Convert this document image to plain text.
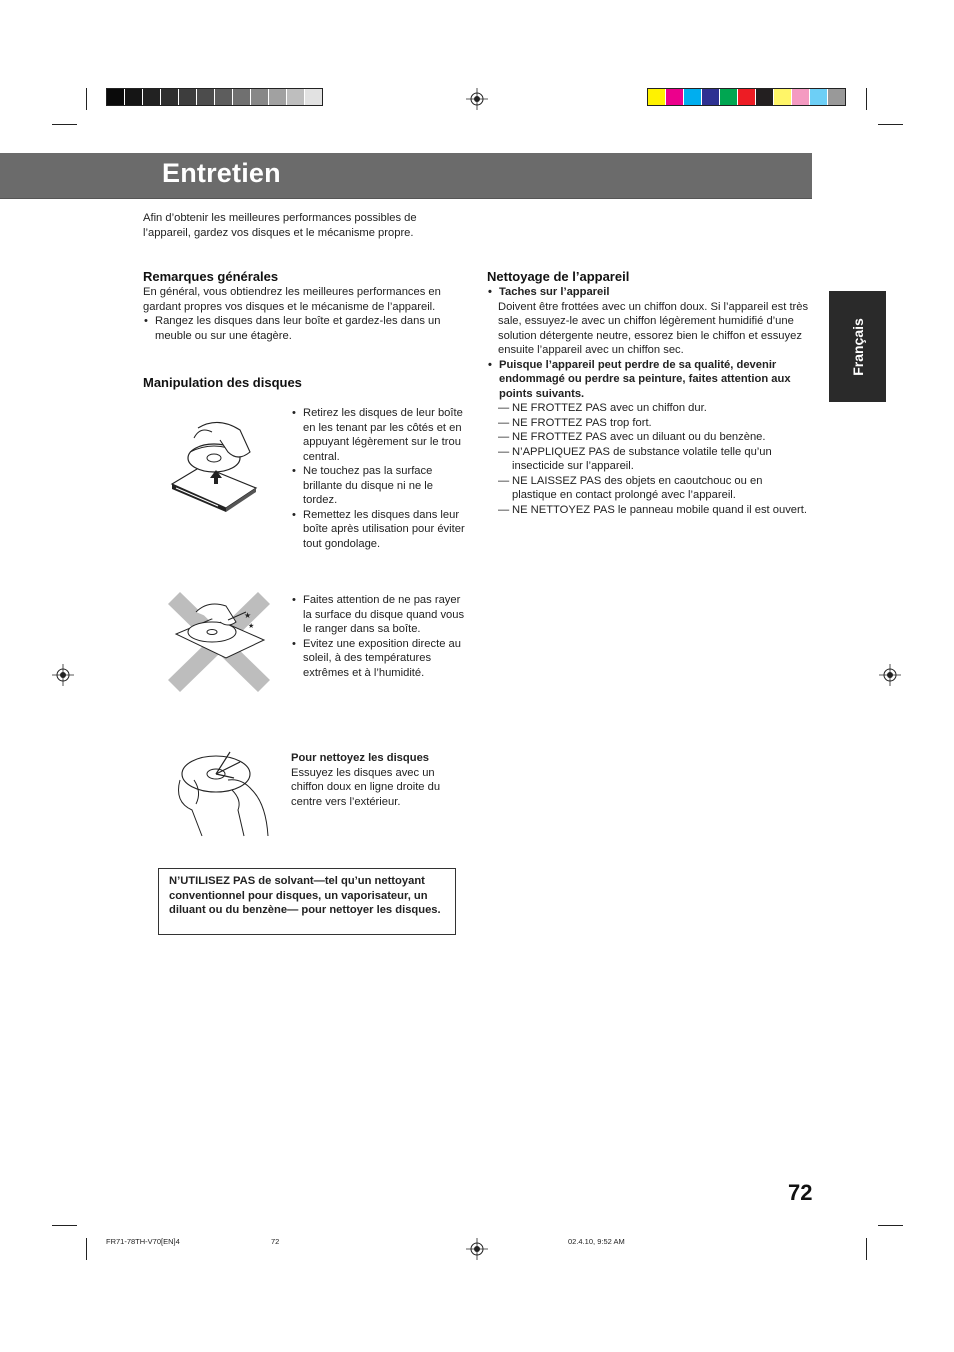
Entretien
Français

Afin d’obtenir les meilleures performances possibles de l’appareil, gardez vos disques et le mécanisme propre.

Remarques générales

En général, vous obtiendrez les meilleures performances en gardant propres vos disques et le mécanisme de l’appareil.

• Rangez les disques dans leur boîte et gardez-les dans un meuble ou sur une étagère.

Manipulation des disques

• Retirez les disques de leur boîte en les tenant par les côtés et en appuyant légèrement sur le trou central.

• Ne touchez pas la surface brillante du disque ni ne le tordez.

• Remettez les disques dans leur boîte après utilisation pour éviter tout gondolage.

★
★

• Faites attention de ne pas rayer la surface du disque quand vous le ranger dans sa boîte.

• Evitez une exposition directe au soleil, à des températures extrêmes et à l’humidité.

Pour nettoyez les disques

Essuyez les disques avec un chiffon doux en ligne droite du centre vers l’extérieur.

N’UTILISEZ PAS de solvant—tel qu’un nettoyant conventionnel pour disques, un vaporisateur, un diluant ou du benzène— pour nettoyer les disques.

Nettoyage de l’appareil

• Taches sur l’appareil

Doivent être frottées avec un chiffon doux. Si l’appareil est très sale, essuyez-le avec un chiffon légèrement humidifié d’une solution détergente neutre, essorez bien le chiffon et essuyez ensuite l’appareil avec un chiffon sec.

• Puisque l’appareil peut perdre de sa qualité, devenir endommagé ou perdre sa peinture, faites attention aux points suivants.

— NE FROTTEZ PAS avec un chiffon dur.

— NE FROTTEZ PAS trop fort.

— NE FROTTEZ PAS avec un diluant ou du benzène.

— N’APPLIQUEZ PAS de substance volatile telle qu’un insecticide sur l’appareil.

— NE LAISSEZ PAS des objets en caoutchouc ou en plastique en contact prolongé avec l’appareil.

— NE NETTOYEZ PAS le panneau mobile quand il est ouvert.

72
FR71-78TH-V70[EN]4	72	02.4.10, 9:52 AM
